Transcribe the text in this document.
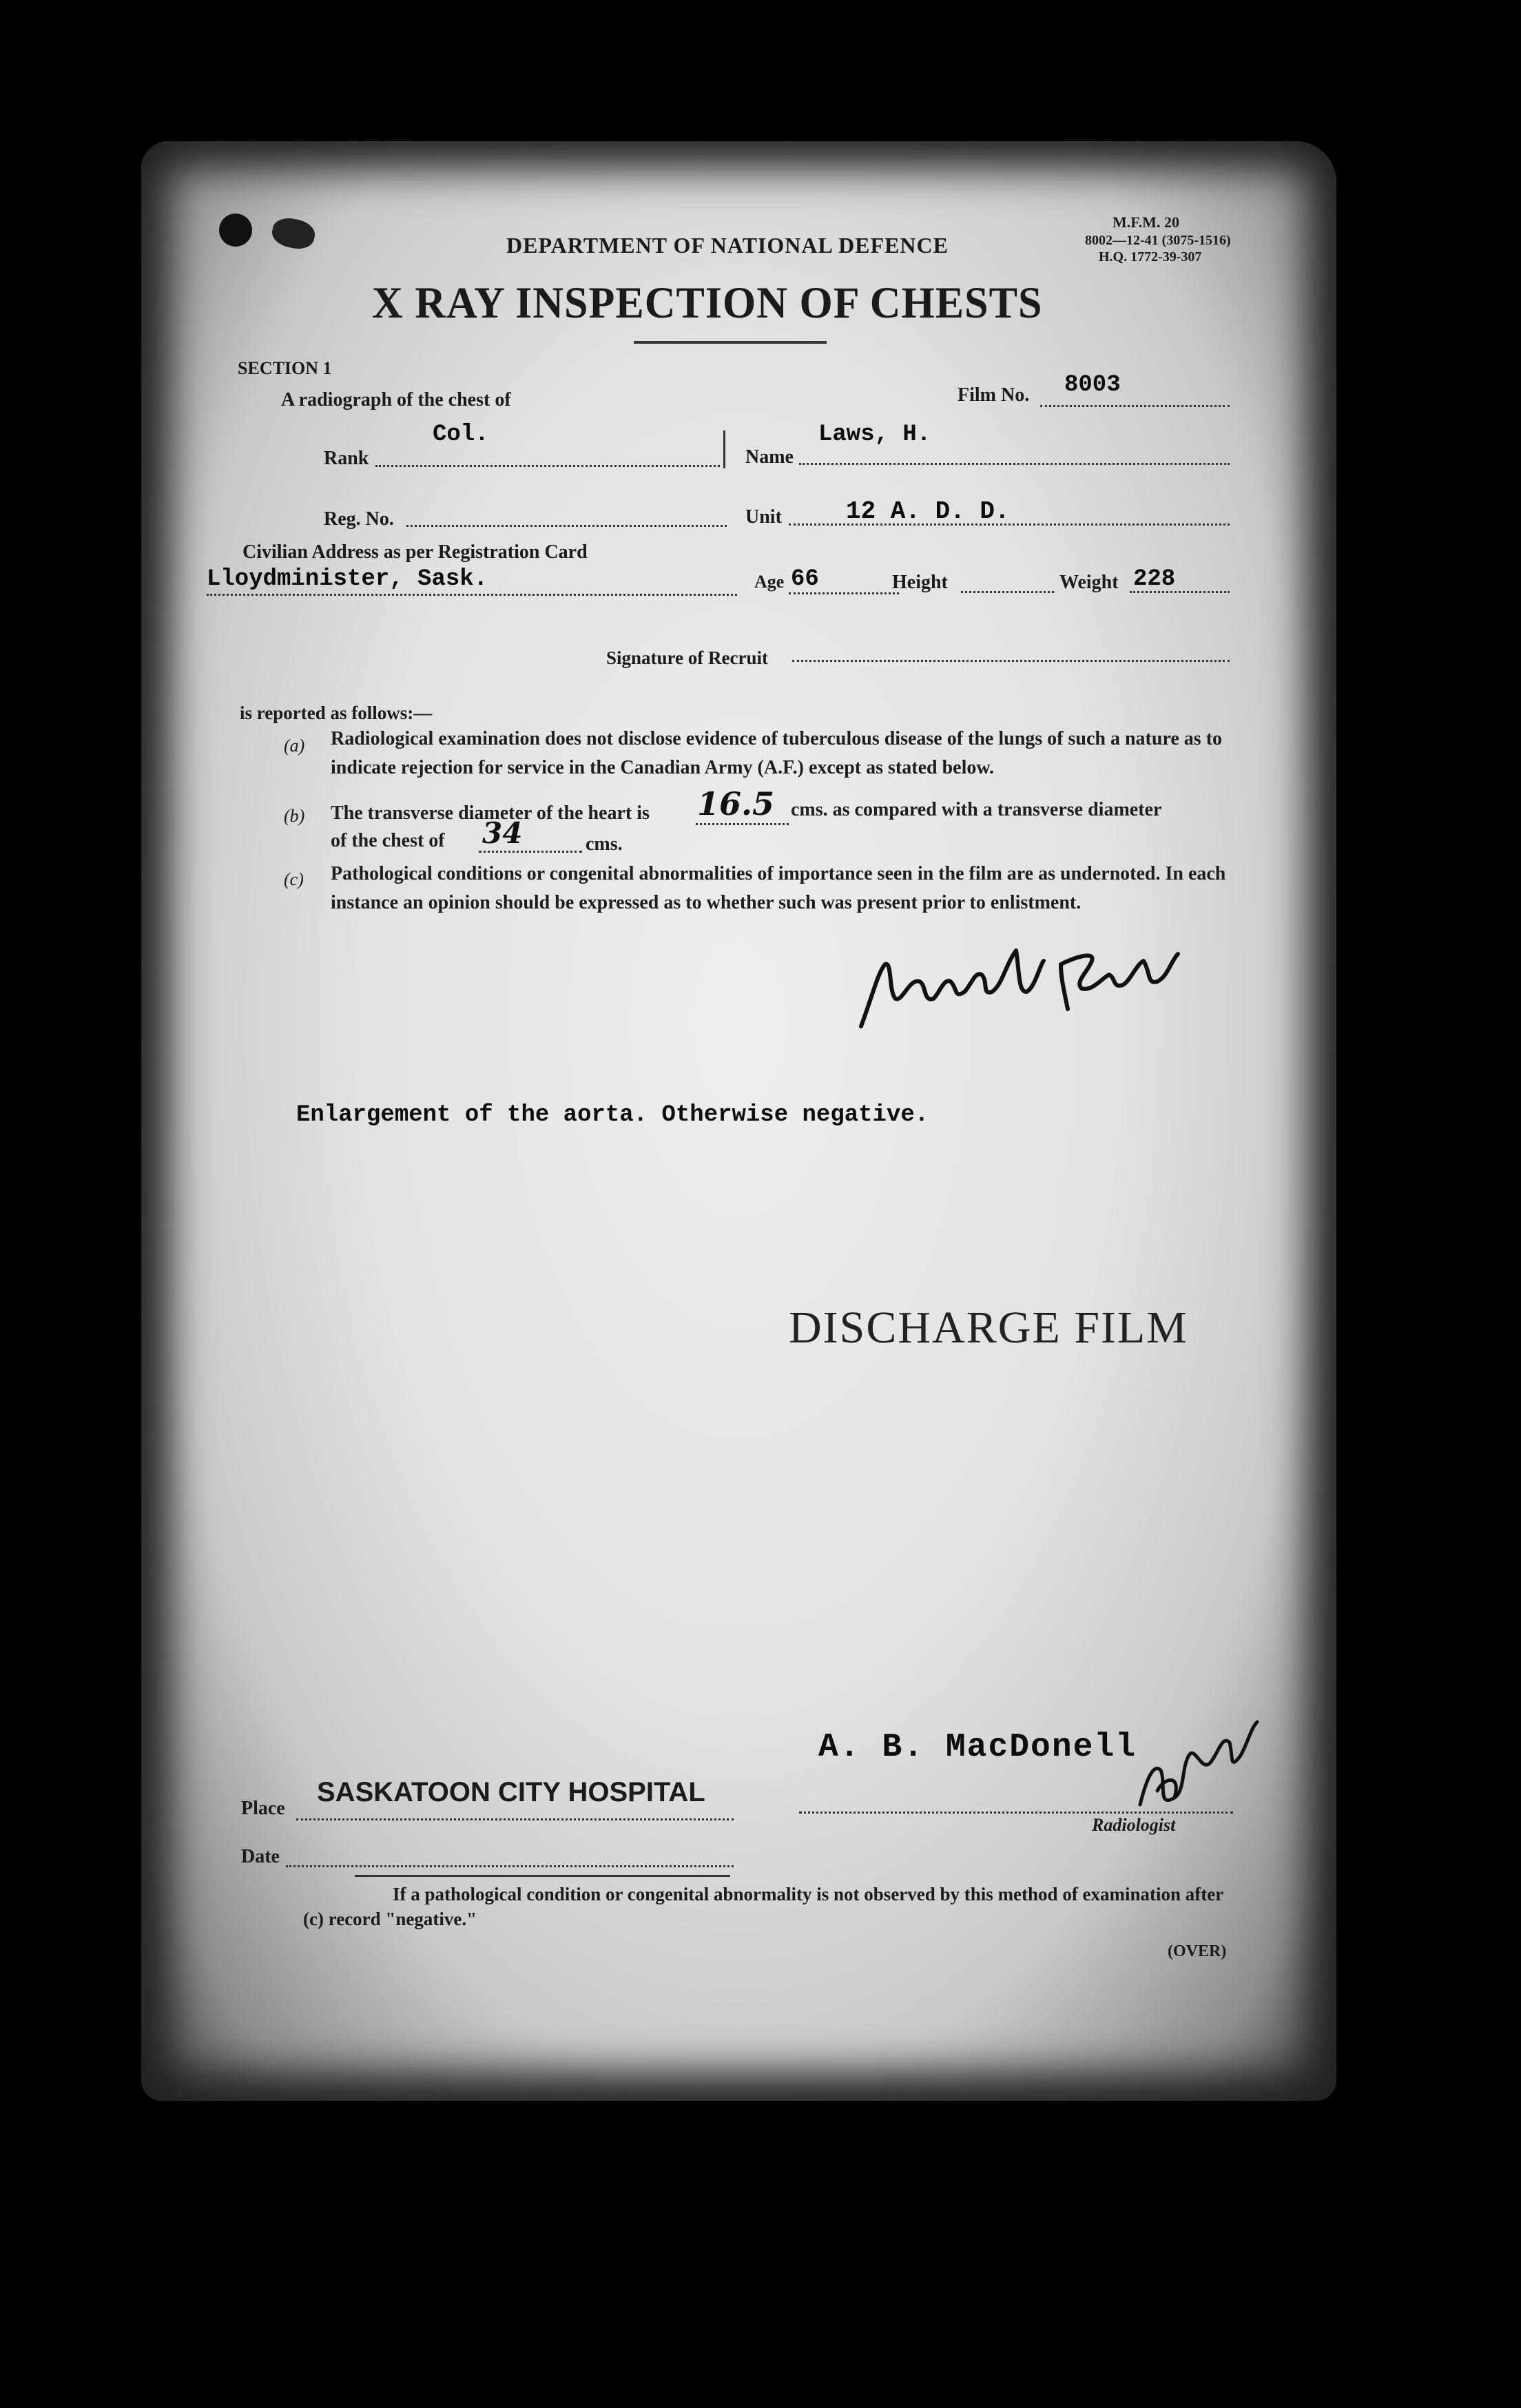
DEPARTMENT OF NATIONAL DEFENCE
X RAY INSPECTION OF CHESTS
M.F.M. 20
8002—12-41 (3075-1516)
H.Q. 1772-39-307
SECTION 1
A radiograph of the chest of	Film No. 8003
Rank
Col.
Name
Laws, H.
Reg. No.	Unit	12 A. D. D.
Civilian Address as per Registration Card
Lloydminister, Sask.	Age 66	Height	Weight 228
Signature of Recruit
is reported as follows:—
(a) Radiological examination does not disclose evidence of tuberculous disease of the lungs of such a nature as to indicate rejection for service in the Canadian Army (A.F.) except as stated below.
(b) The transverse diameter of the heart is 16.5 cms. as compared with a transverse diameter
of the chest of 34	cms.
(c) Pathological conditions or congenital abnormalities of importance seen in the film are as undernoted. In each instance an opinion should be expressed as to whether such was present prior to enlistment.
Enlargement of the aorta. Otherwise negative.
DISCHARGE FILM
A. B. MacDonell
Radiologist
Place
SASKATOON CITY HOSPITAL
Date
If a pathological condition or congenital abnormality is not observed by this method of examination after (c) record "negative."
(OVER)
